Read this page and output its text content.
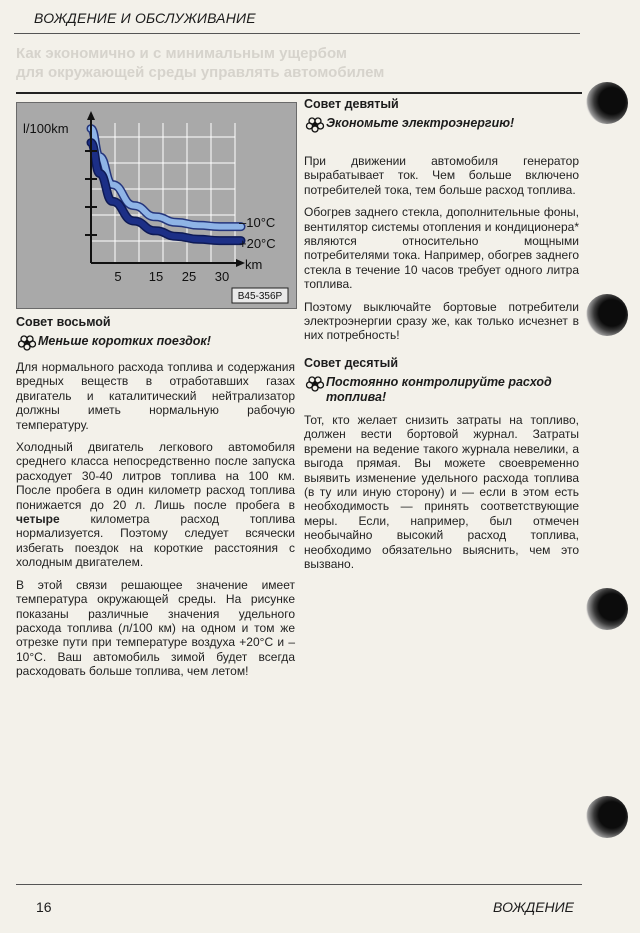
ВОЖДЕНИЕ И ОБСЛУЖИВАНИЕ
Как экономично и с минимальным ущербом
для окружающей среды управлять автомобилем
l/100km
km
5 15 25 30
–10°C
+20°C
B45-356P
Совет восьмой
Меньше коротких поездок!

Для нормального расхода топлива и содержания вредных веществ в отработавших газах двигатель и каталитический нейтрализатор должны иметь нормальную рабочую температуру.

Холодный двигатель легкового автомобиля среднего класса непосредственно после запуска расходует 30-40 литров топлива на 100 км. После пробега в один километр расход топлива понижается до 20 л. Лишь после пробега в четыре километра расход топлива нормализуется. Поэтому следует всячески избегать поездок на короткие расстояния с холодным двигателем.

В этой связи решающее значение имеет температура окружающей среды. На рисунке показаны различные значения удельного расхода топлива (л/100 км) на одном и том же отрезке пути при температуре воздуха +20°С и –10°С. Ваш автомобиль зимой будет всегда расходовать больше топлива, чем летом!

Совет девятый
Экономьте электроэнергию!

При движении автомобиля генератор вырабатывает ток. Чем больше включено потребителей тока, тем больше расход топлива.

Обогрев заднего стекла, дополнительные фоны, вентилятор системы отопления и кондиционера* являются относительно мощными потребителями тока. Например, обогрев заднего стекла в течение 10 часов требует одного литра топлива.

Поэтому выключайте бортовые потребители электроэнергии сразу же, как только исчезнет в них потребность!

Совет десятый
Постоянно контролируйте расход топлива!

Тот, кто желает снизить затраты на топливо, должен вести бортовой журнал. Затраты времени на ведение такого журнала невелики, а выгода прямая. Вы можете своевременно выявить изменение удельного расхода топлива (в ту или иную сторону) и — если в этом есть необходимость — принять соответствующие меры. Если, например, был отмечен необычайно высокий расход топлива, необходимо обязательно выяснить, чем это вызвано.

16	ВОЖДЕНИЕ
